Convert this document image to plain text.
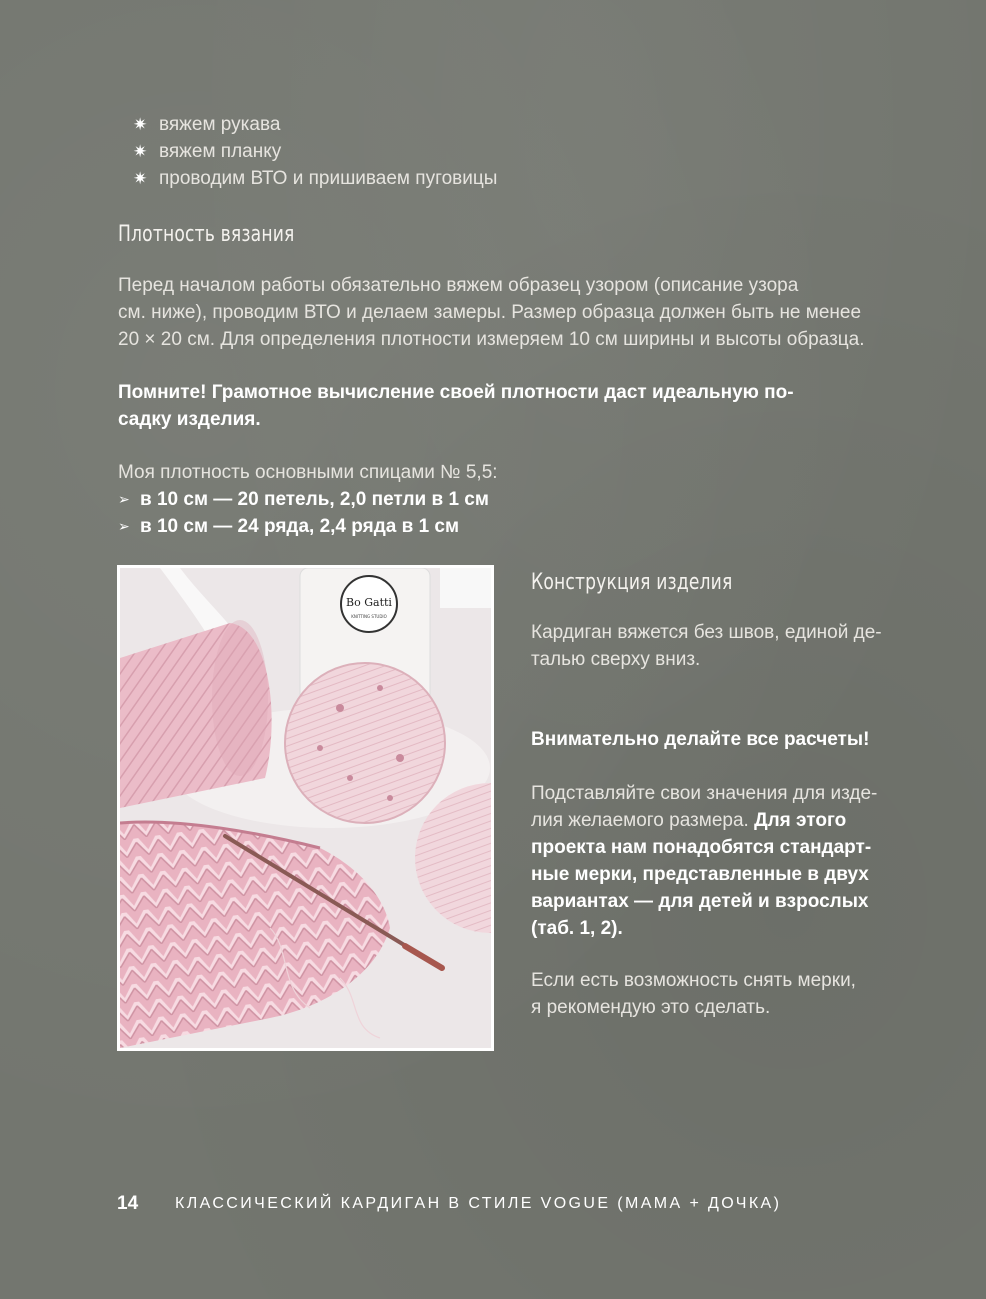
✷ вяжем рукава
✷ вяжем планку
✷ проводим ВТО и пришиваем пуговицы
Плотность вязания
Перед началом работы обязательно вяжем образец узором (описание узора
см. ниже), проводим ВТО и делаем замеры. Размер образца должен быть не менее
20 × 20 см. Для определения плотности измеряем 10 см ширины и высоты образца.
Помните! Грамотное вычисление своей плотности даст идеальную по-
садку изделия.
Моя плотность основными спицами № 5,5:
➢ в 10 см — 20 петель, 2,0 петли в 1 см
➢ в 10 см — 24 ряда, 2,4 ряда в 1 см
Bo Gatti
KNITTING STUDIO
Конструкция изделия
Кардиган вяжется без швов, единой де-
талью сверху вниз.
Внимательно делайте все расчеты!
Подставляйте свои значения для изде-
лия желаемого размера. Для этого
проекта нам понадобятся стандарт-
ные мерки, представленные в двух
вариантах — для детей и взрослых
(таб. 1, 2).
Если есть возможность снять мерки,
я рекомендую это сделать.
14	КЛАССИЧЕСКИЙ КАРДИГАН В СТИЛЕ VOGUE (МАМА + ДОЧКА)
